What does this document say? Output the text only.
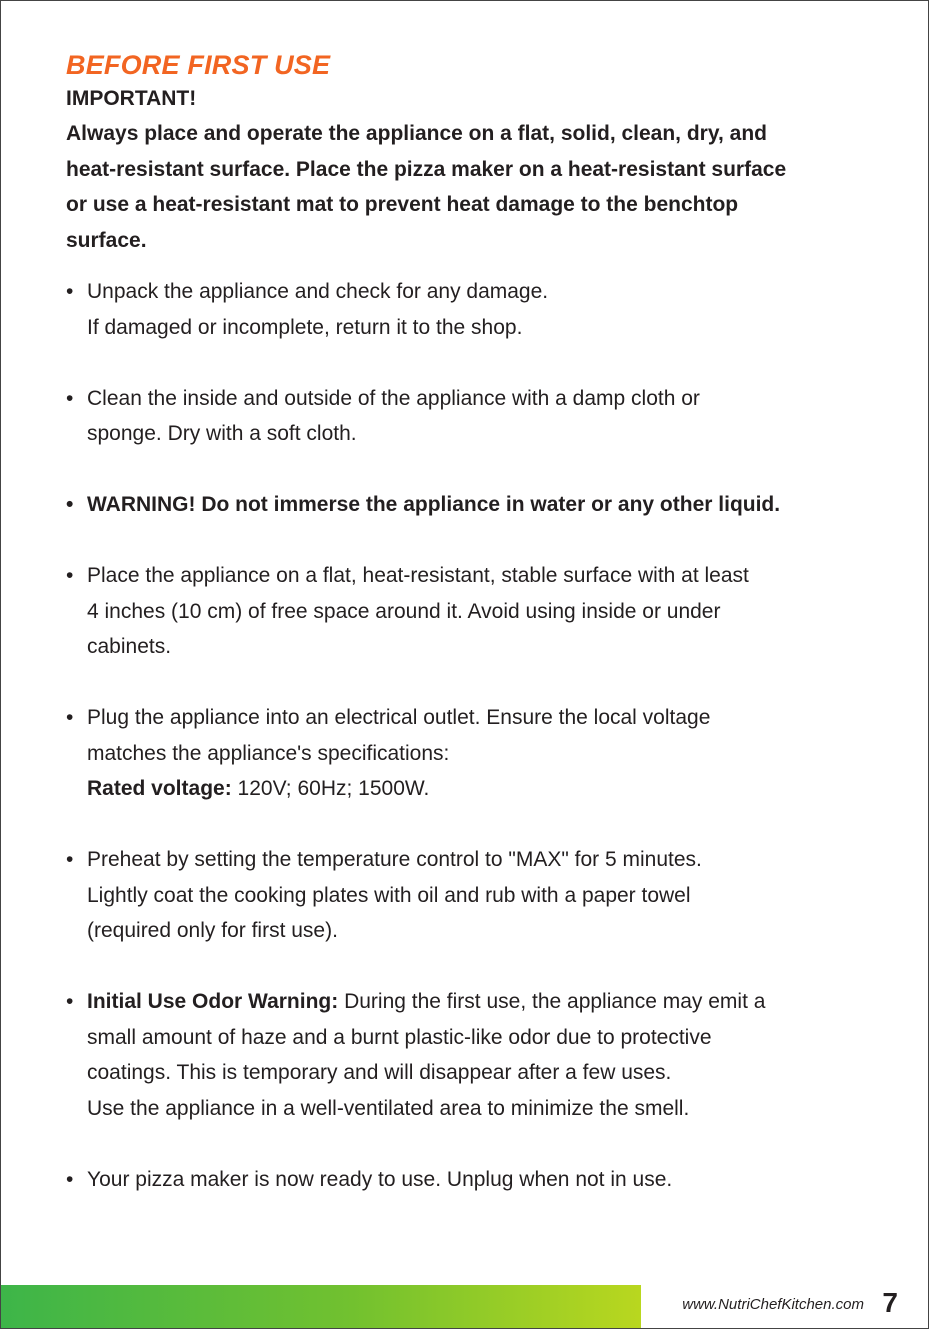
BEFORE FIRST USE
IMPORTANT!

Always place and operate the appliance on a flat, solid, clean, dry, and
heat-resistant surface. Place the pizza maker on a heat-resistant surface
or use a heat-resistant mat to prevent heat damage to the benchtop
surface.

• Unpack the appliance and check for any damage.
If damaged or incomplete, return it to the shop.
• Clean the inside and outside of the appliance with a damp cloth or
sponge. Dry with a soft cloth.
• WARNING! Do not immerse the appliance in water or any other liquid.
• Place the appliance on a flat, heat-resistant, stable surface with at least
4 inches (10 cm) of free space around it. Avoid using inside or under
cabinets.
• Plug the appliance into an electrical outlet. Ensure the local voltage
matches the appliance's specifications:
Rated voltage: 120V; 60Hz; 1500W.
• Preheat by setting the temperature control to "MAX" for 5 minutes.
Lightly coat the cooking plates with oil and rub with a paper towel
(required only for first use).
• Initial Use Odor Warning: During the first use, the appliance may emit a
small amount of haze and a burnt plastic-like odor due to protective
coatings. This is temporary and will disappear after a few uses.
Use the appliance in a well-ventilated area to minimize the smell.
• Your pizza maker is now ready to use. Unplug when not in use.
www.NutriChefKitchen.com 7
